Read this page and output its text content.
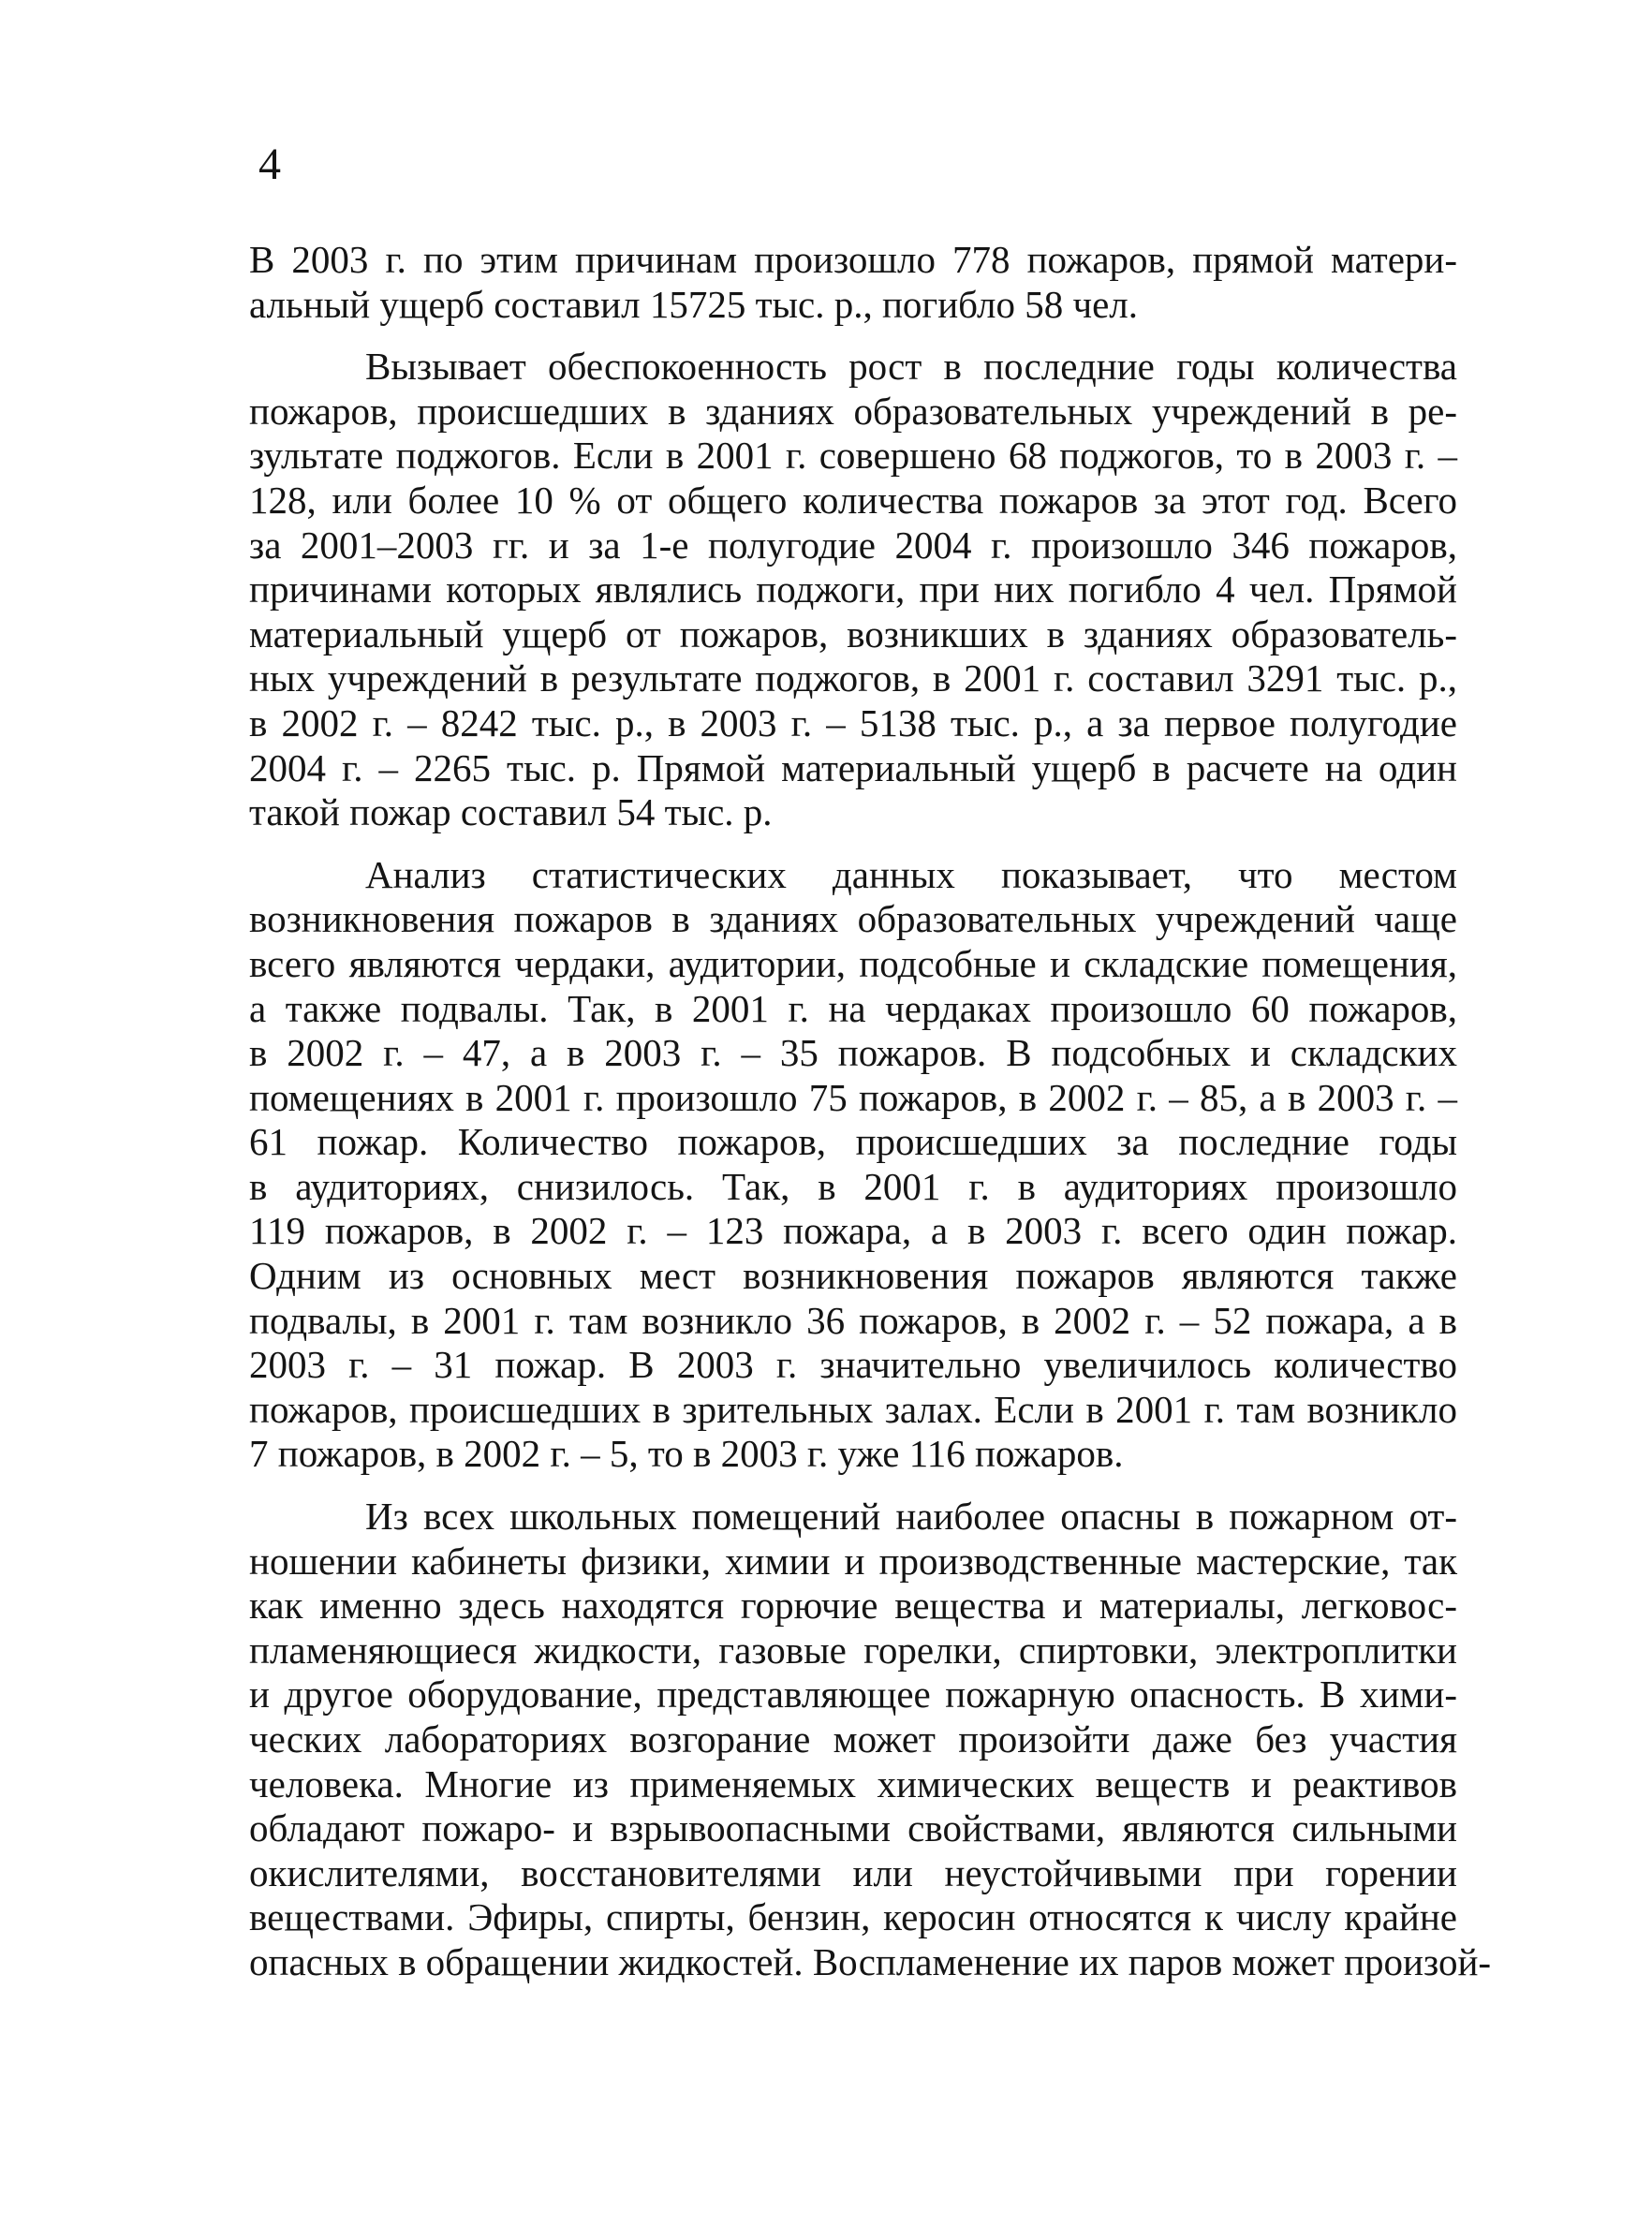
4
В 2003 г. по этим причинам произошло 778 пожаров, прямой матери-
альный ущерб составил 15725 тыс. р., погибло 58 чел.
Вызывает обеспокоенность рост в последние годы количества
пожаров, происшедших в зданиях образовательных учреждений в ре-
зультате поджогов. Если в 2001 г. совершено 68 поджогов, то в 2003 г. –
128, или более 10 % от общего количества пожаров за этот год. Всего
за 2001–2003 гг. и за 1-е полугодие 2004 г. произошло 346 пожаров,
причинами которых являлись поджоги, при них погибло 4 чел. Прямой
материальный ущерб от пожаров, возникших в зданиях образователь-
ных учреждений в результате поджогов, в 2001 г. составил 3291 тыс. р.,
в 2002 г. – 8242 тыс. р., в 2003 г. – 5138 тыс. р., а за первое полугодие
2004 г. – 2265 тыс. р. Прямой материальный ущерб в расчете на один
такой пожар составил 54 тыс. р.
Анализ статистических данных показывает, что местом
возникновения пожаров в зданиях образовательных учреждений чаще
всего являются чердаки, аудитории, подсобные и складские помещения,
а также подвалы. Так, в 2001 г. на чердаках произошло 60 пожаров,
в 2002 г. – 47, а в 2003 г. – 35 пожаров. В подсобных и складских
помещениях в 2001 г. произошло 75 пожаров, в 2002 г. – 85, а в 2003 г. –
61 пожар. Количество пожаров, происшедших за последние годы
в аудиториях, снизилось. Так, в 2001 г. в аудиториях произошло
119 пожаров, в 2002 г. – 123 пожара, а в 2003 г. всего один пожар.
Одним из основных мест возникновения пожаров являются также
подвалы, в 2001 г. там возникло 36 пожаров, в 2002 г. – 52 пожара, а в
2003 г. – 31 пожар. В 2003 г. значительно увеличилось количество
пожаров, происшедших в зрительных залах. Если в 2001 г. там возникло
7 пожаров, в 2002 г. – 5, то в 2003 г. уже 116 пожаров.
Из всех школьных помещений наиболее опасны в пожарном от-
ношении кабинеты физики, химии и производственные мастерские, так
как именно здесь находятся горючие вещества и материалы, легковос-
пламеняющиеся жидкости, газовые горелки, спиртовки, электроплитки
и другое оборудование, представляющее пожарную опасность. В хими-
ческих лабораториях возгорание может произойти даже без участия
человека. Многие из применяемых химических веществ и реактивов
обладают пожаро- и взрывоопасными свойствами, являются сильными
окислителями, восстановителями или неустойчивыми при горении
веществами. Эфиры, спирты, бензин, керосин относятся к числу крайне
опасных в обращении жидкостей. Воспламенение их паров может произой-
